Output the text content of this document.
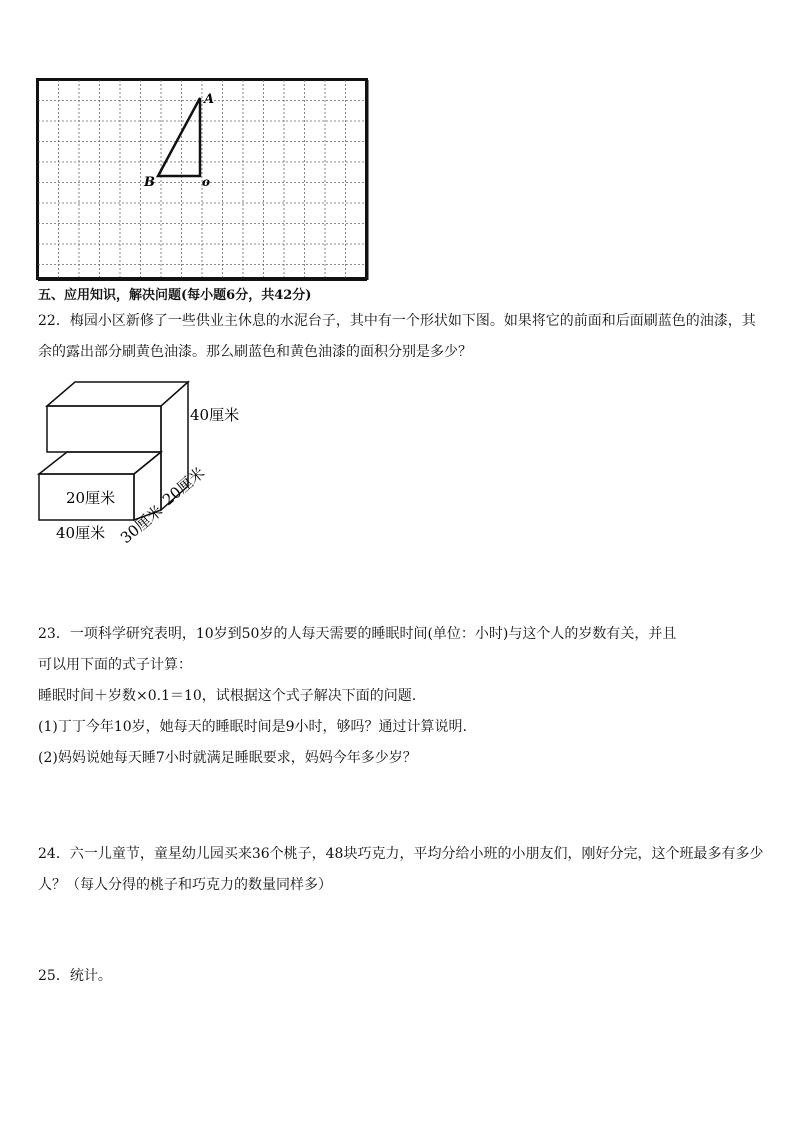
A
B	o
五、应用知识，解决问题(每小题6分，共42分)
22．梅园小区新修了一些供业主休息的水泥台子，其中有一个形状如下图。如果将它的前面和后面刷蓝色的油漆，其
余的露出部分刷黄色油漆。那么刷蓝色和黄色油漆的面积分别是多少？
40厘米
20厘米
40厘米 30厘米
20厘米
23．一项科学研究表明，10岁到50岁的人每天需要的睡眠时间(单位：小时)与这个人的岁数有关，并且
可以用下面的式子计算：
睡眠时间＋岁数×0.1＝10，试根据这个式子解决下面的问题.
(1)丁丁今年10岁，她每天的睡眠时间是9小时，够吗？通过计算说明.
(2)妈妈说她每天睡7小时就满足睡眠要求，妈妈今年多少岁？
24．六一儿童节，童星幼儿园买来36个桃子，48块巧克力，平均分给小班的小朋友们，刚好分完，这个班最多有多少
人？（每人分得的桃子和巧克力的数量同样多）
25．统计。
